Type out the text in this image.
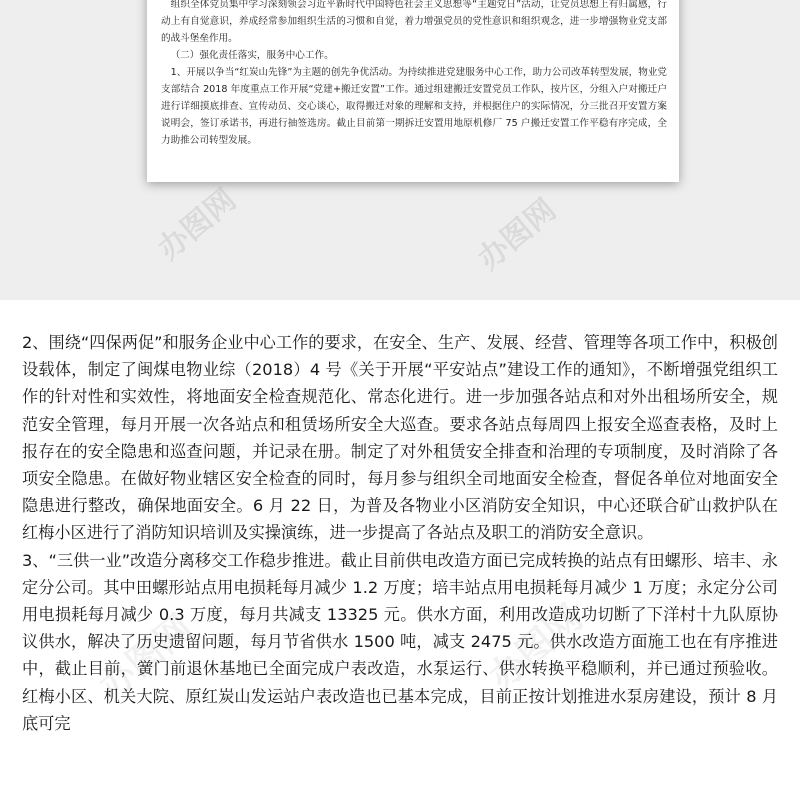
组织全体党员集中学习深刻领会习近平新时代中国特色社会主义思想等“主题党日”活动，让党员思想上有归属感，行动上有自觉意识，养成经常参加组织生活的习惯和自觉，着力增强党员的党性意识和组织观念，进一步增强物业党支部的战斗堡垒作用。

（二）强化责任落实，服务中心工作。

1、开展以争当“红炭山先锋”为主题的创先争优活动。为持续推进党建服务中心工作，助力公司改革转型发展，物业党支部结合 2018 年度重点工作开展“党建+搬迁安置”工作。通过组建搬迁安置党员工作队，按片区，分组入户对搬迁户进行详细摸底排查、宣传动员、交心谈心，取得搬迁对象的理解和支持，并根据住户的实际情况，分三批召开安置方案说明会，签订承诺书，再进行抽签选房。截止目前第一期拆迁安置用地原机修厂 75 户搬迁安置工作平稳有序完成，全力助推公司转型发展。

办图网	办图网
办图网	办图网

2、围绕“四保两促”和服务企业中心工作的要求，在安全、生产、发展、经营、管理等各项工作中，积极创设载体，制定了闽煤电物业综（2018）4 号《关于开展“平安站点”建设工作的通知》，不断增强党组织工作的针对性和实效性，将地面安全检查规范化、常态化进行。进一步加强各站点和对外出租场所安全，规范安全管理，每月开展一次各站点和租赁场所安全大巡查。要求各站点每周四上报安全巡查表格，及时上报存在的安全隐患和巡查问题，并记录在册。制定了对外租赁安全排查和治理的专项制度，及时消除了各项安全隐患。在做好物业辖区安全检查的同时，每月参与组织全司地面安全检查，督促各单位对地面安全隐患进行整改，确保地面安全。6 月 22 日，为普及各物业小区消防安全知识，中心还联合矿山救护队在红梅小区进行了消防知识培训及实操演练，进一步提高了各站点及职工的消防安全意识。

3、“三供一业”改造分离移交工作稳步推进。截止目前供电改造方面已完成转换的站点有田螺形、培丰、永定分公司。其中田螺形站点用电损耗每月减少 1.2 万度；培丰站点用电损耗每月减少 1 万度；永定分公司用电损耗每月减少 0.3 万度，每月共减支 13325 元。供水方面，利用改造成功切断了下洋村十九队原协议供水，解决了历史遗留问题，每月节省供水 1500 吨，减支 2475 元。供水改造方面施工也在有序推进中，截止目前，黉门前退休基地已全面完成户表改造，水泵运行、供水转换平稳顺利，并已通过预验收。红梅小区、机关大院、原红炭山发运站户表改造也已基本完成，目前正按计划推进水泵房建设，预计 8 月底可完
